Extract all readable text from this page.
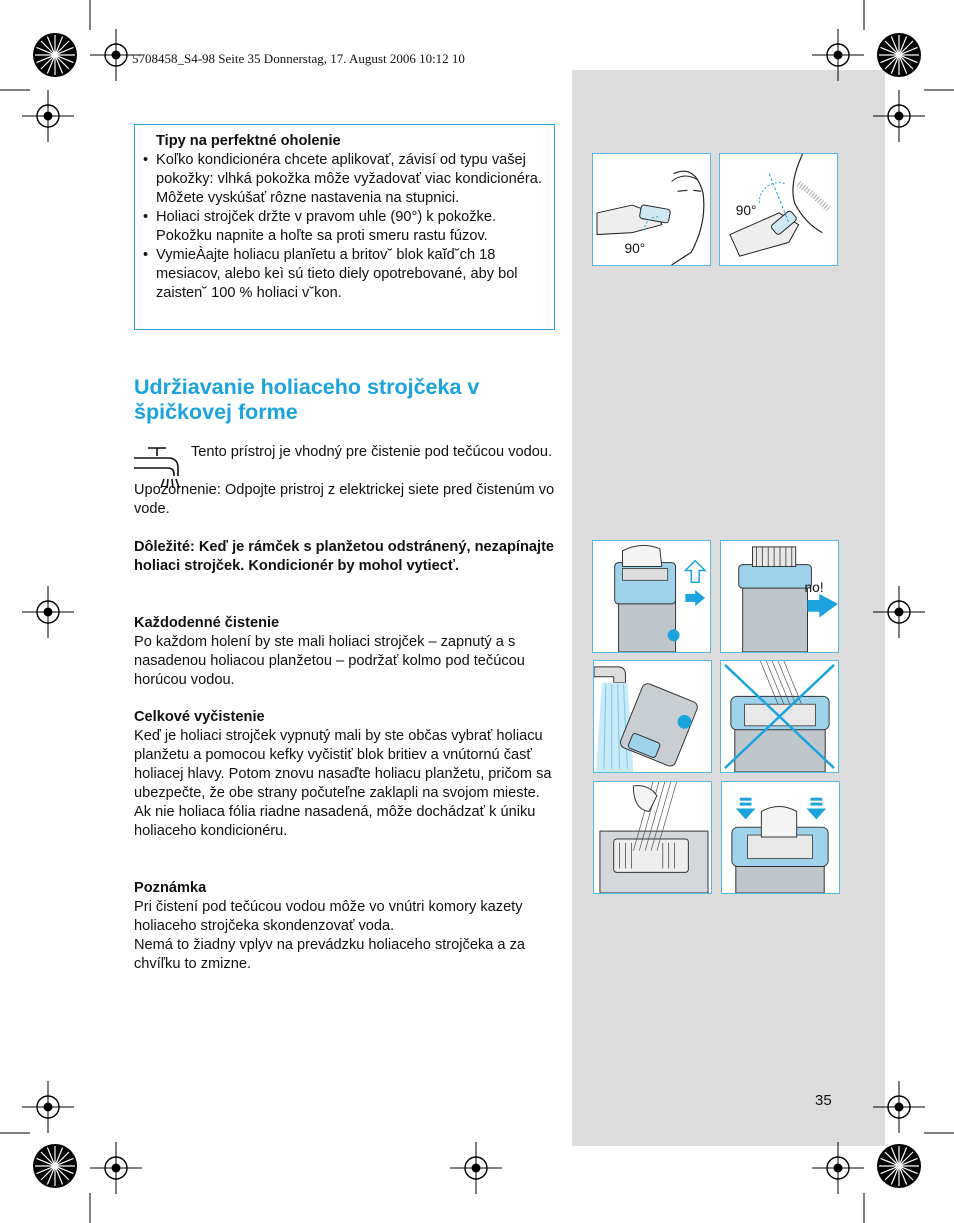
5708458_S4-98 Seite 35 Donnerstag, 17. August 2006 10:12 10
Tipy na perfektné oholenie
• Koľko kondicionéra chcete aplikovať, závisí od typu vašej pokožky: vlhká pokožka môže vyžadovať viac kondicionéra. Môžete vyskúšať rôzne nastavenia na stupnici.
• Holiaci strojček držte v pravom uhle (90°) k pokožke. Pokožku napnite a hoľte sa proti smeru rastu fúzov.
• VymieÀajte holiacu planĭetu a britov˘ blok kaĭd˘ch 18 mesiacov, alebo keì sú tieto diely opotrebované, aby bol zaisten˘ 100 % holiaci v˘kon.
Udržiavanie holiaceho strojčeka v špičkovej forme
Tento prístroj je vhodný pre čistenie pod tečúcou vodou.
Upozornenie: Odpojte pristroj z elektrickej siete pred čistenúm vo vode.
Dôležité: Keď je rámček s planžetou odstránený, nezapínajte holiaci strojček. Kondicionér by mohol vytiecť.
Každodenné čistenie
Po každom holení by ste mali holiaci strojček – zapnutý a s nasadenou holiacou planžetou – podržať kolmo pod tečúcou horúcou vodou.
Celkové vyčistenie
Keď je holiaci strojček vypnutý mali by ste občas vybrať holiacu planžetu a pomocou kefky vyčistiť blok britiev a vnútornú časť holiacej hlavy. Potom znovu nasaďte holiacu planžetu, pričom sa ubezpečte, že obe strany počuteľne zaklapli na svojom mieste. Ak nie holiaca fólia riadne nasadená, môže dochádzať k úniku holiaceho kondicionéru.
Poznámka
Pri čistení pod tečúcou vodou môže vo vnútri komory kazety holiaceho strojčeka skondenzovať voda.
Nemá to žiadny vplyv na prevádzku holiaceho strojčeka a za chvíľku to zmizne.
35
90°
90°
no!
